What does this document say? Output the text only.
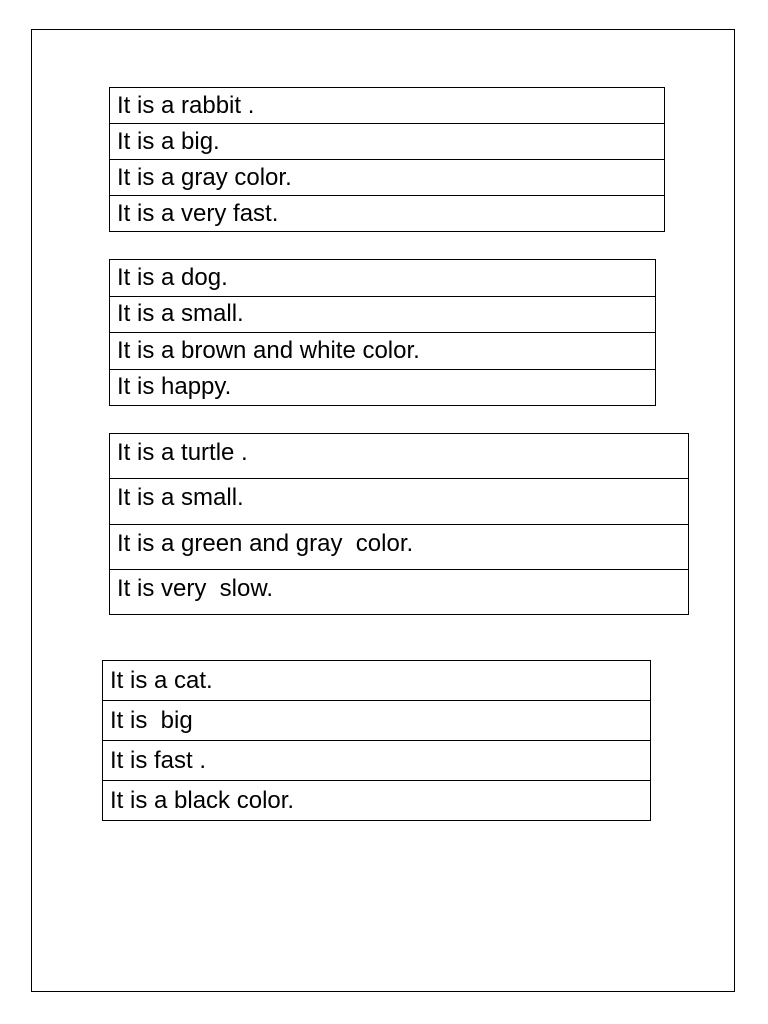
It is a rabbit .
It is a big.
It is a gray color.
It is a very fast.
It is a dog.
It is a small.
It is a brown and white color.
It is happy.
It is a turtle .
It is a small.
It is a green and gray  color.
It is very  slow.
It is a cat.
It is  big
It is fast .
It is a black color.
